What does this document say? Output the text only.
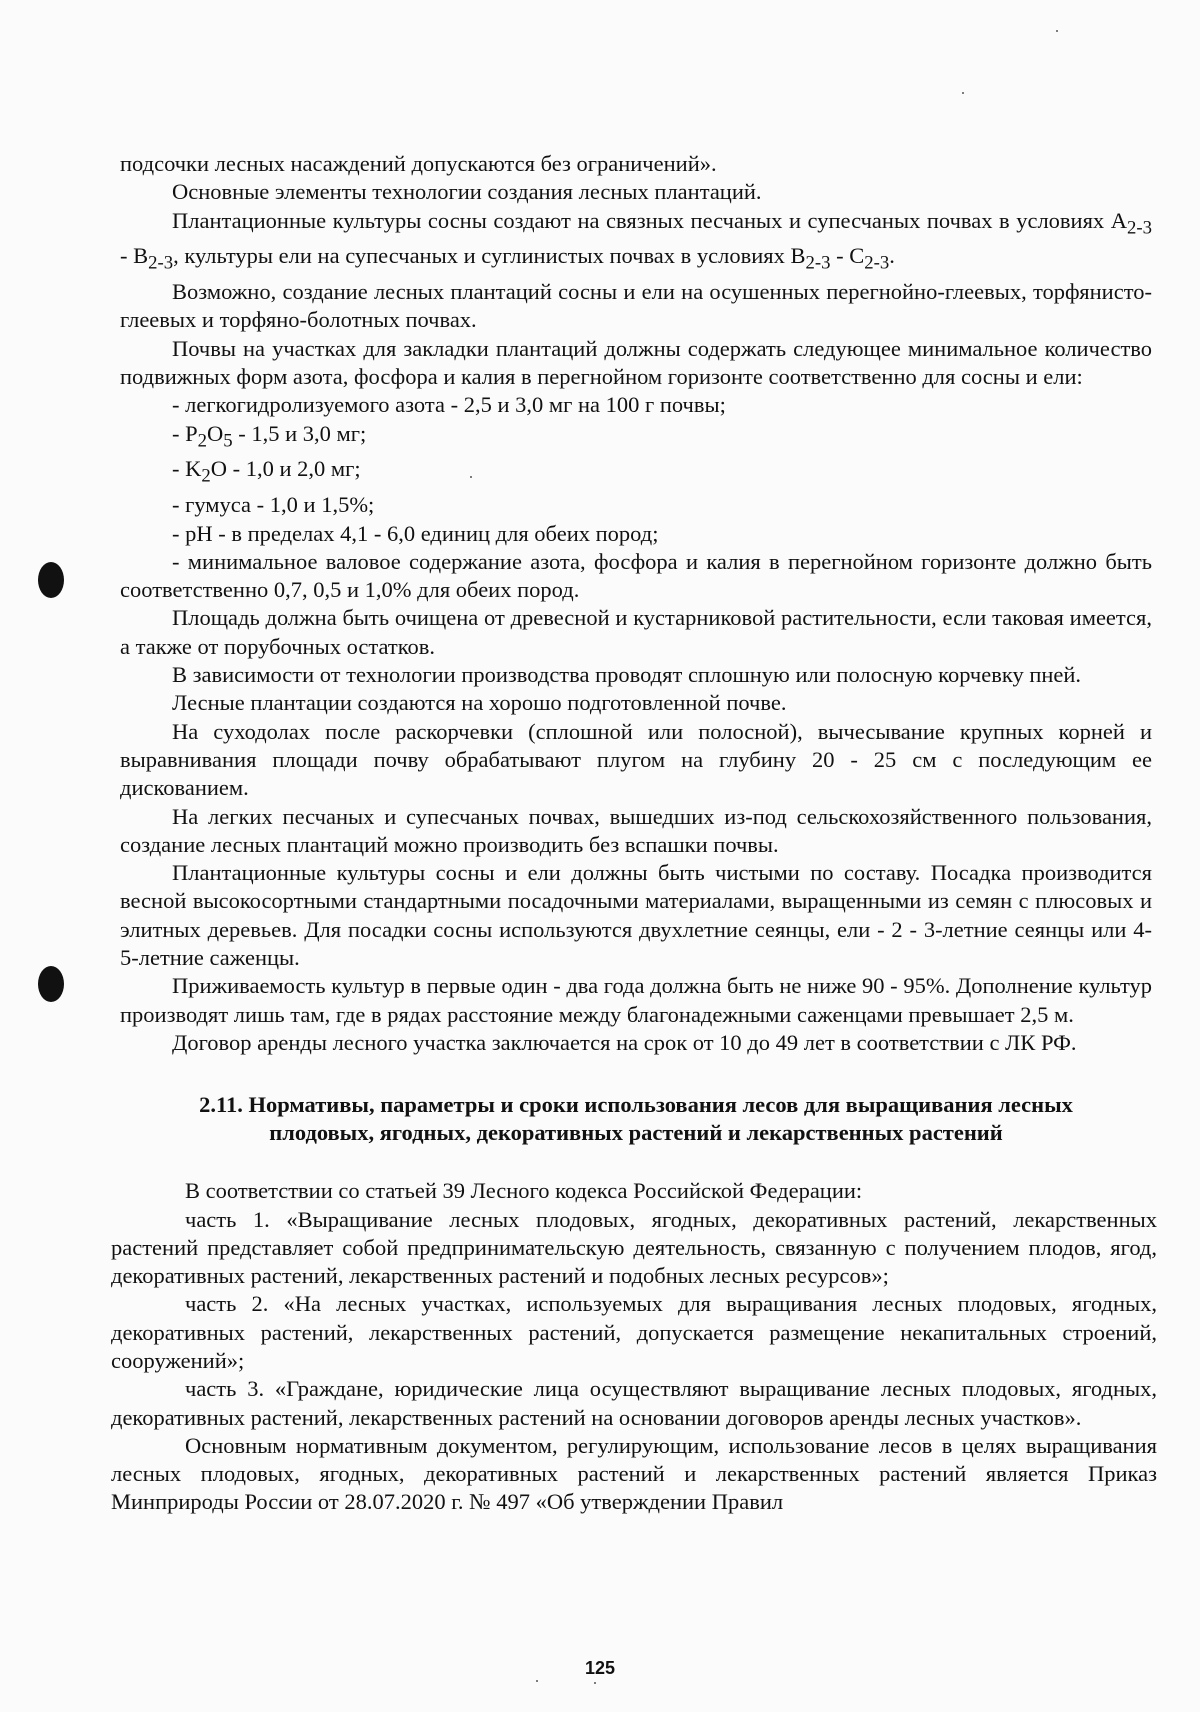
подсочки лесных насаждений допускаются без ограничений».

Основные элементы технологии создания лесных плантаций.

Плантационные культуры сосны создают на связных песчаных и супесчаных почвах в условиях $А_{2-3} - В_{2-3}$, культуры ели на супесчаных и суглинистых почвах в условиях $В_{2-3} - С_{2-3}$.

Возможно, создание лесных плантаций сосны и ели на осушенных перегнойно-глеевых, торфянисто-глеевых и торфяно-болотных почвах.

Почвы на участках для закладки плантаций должны содержать следующее минимальное количество подвижных форм азота, фосфора и калия в перегнойном горизонте соответственно для сосны и ели:

- легкогидролизуемого азота - 2,5 и 3,0 мг на 100 г почвы;

- $P_2O_5 - 1,5$ и 3,0 мг;

- $K_2O - 1,0$ и 2,0 мг;

- гумуса - 1,0 и 1,5%;

- pH - в пределах 4,1 - 6,0 единиц для обеих пород;

- минимальное валовое содержание азота, фосфора и калия в перегнойном горизонте должно быть соответственно 0,7, 0,5 и 1,0% для обеих пород.

Площадь должна быть очищена от древесной и кустарниковой растительности, если таковая имеется, а также от порубочных остатков.

В зависимости от технологии производства проводят сплошную или полосную корчевку пней.

Лесные плантации создаются на хорошо подготовленной почве.

На суходолах после раскорчевки (сплошной или полосной), вычесывание крупных корней и выравнивания площади почву обрабатывают плугом на глубину 20 - 25 см с последующим ее дискованием.

На легких песчаных и супесчаных почвах, вышедших из-под сельскохозяйственного пользования, создание лесных плантаций можно производить без вспашки почвы.

Плантационные культуры сосны и ели должны быть чистыми по составу. Посадка производится весной высокосортными стандартными посадочными материалами, выращенными из семян с плюсовых и элитных деревьев. Для посадки сосны используются двухлетние сеянцы, ели - 2 - 3-летние сеянцы или 4- 5-летние саженцы.

Приживаемость культур в первые один - два года должна быть не ниже 90 - 95%. Дополнение культур производят лишь там, где в рядах расстояние между благонадежными саженцами превышает 2,5 м.

Договор аренды лесного участка заключается на срок от 10 до 49 лет в соответствии с ЛК РФ.

2.11. Нормативы, параметры и сроки использования лесов для выращивания лесных
плодовых, ягодных, декоративных растений и лекарственных растений

В соответствии со статьей 39 Лесного кодекса Российской Федерации:

часть 1. «Выращивание лесных плодовых, ягодных, декоративных растений, лекарственных растений представляет собой предпринимательскую деятельность, связанную с получением плодов, ягод, декоративных растений, лекарственных растений и подобных лесных ресурсов»;

часть 2. «На лесных участках, используемых для выращивания лесных плодовых, ягодных, декоративных растений, лекарственных растений, допускается размещение некапитальных строений, сооружений»;

часть 3. «Граждане, юридические лица осуществляют выращивание лесных плодовых, ягодных, декоративных растений, лекарственных растений на основании договоров аренды лесных участков».

Основным нормативным документом, регулирующим, использование лесов в целях выращивания лесных плодовых, ягодных, декоративных растений и лекарственных растений является Приказ Минприроды России от 28.07.2020 г. № 497 «Об утверждении Правил

125
